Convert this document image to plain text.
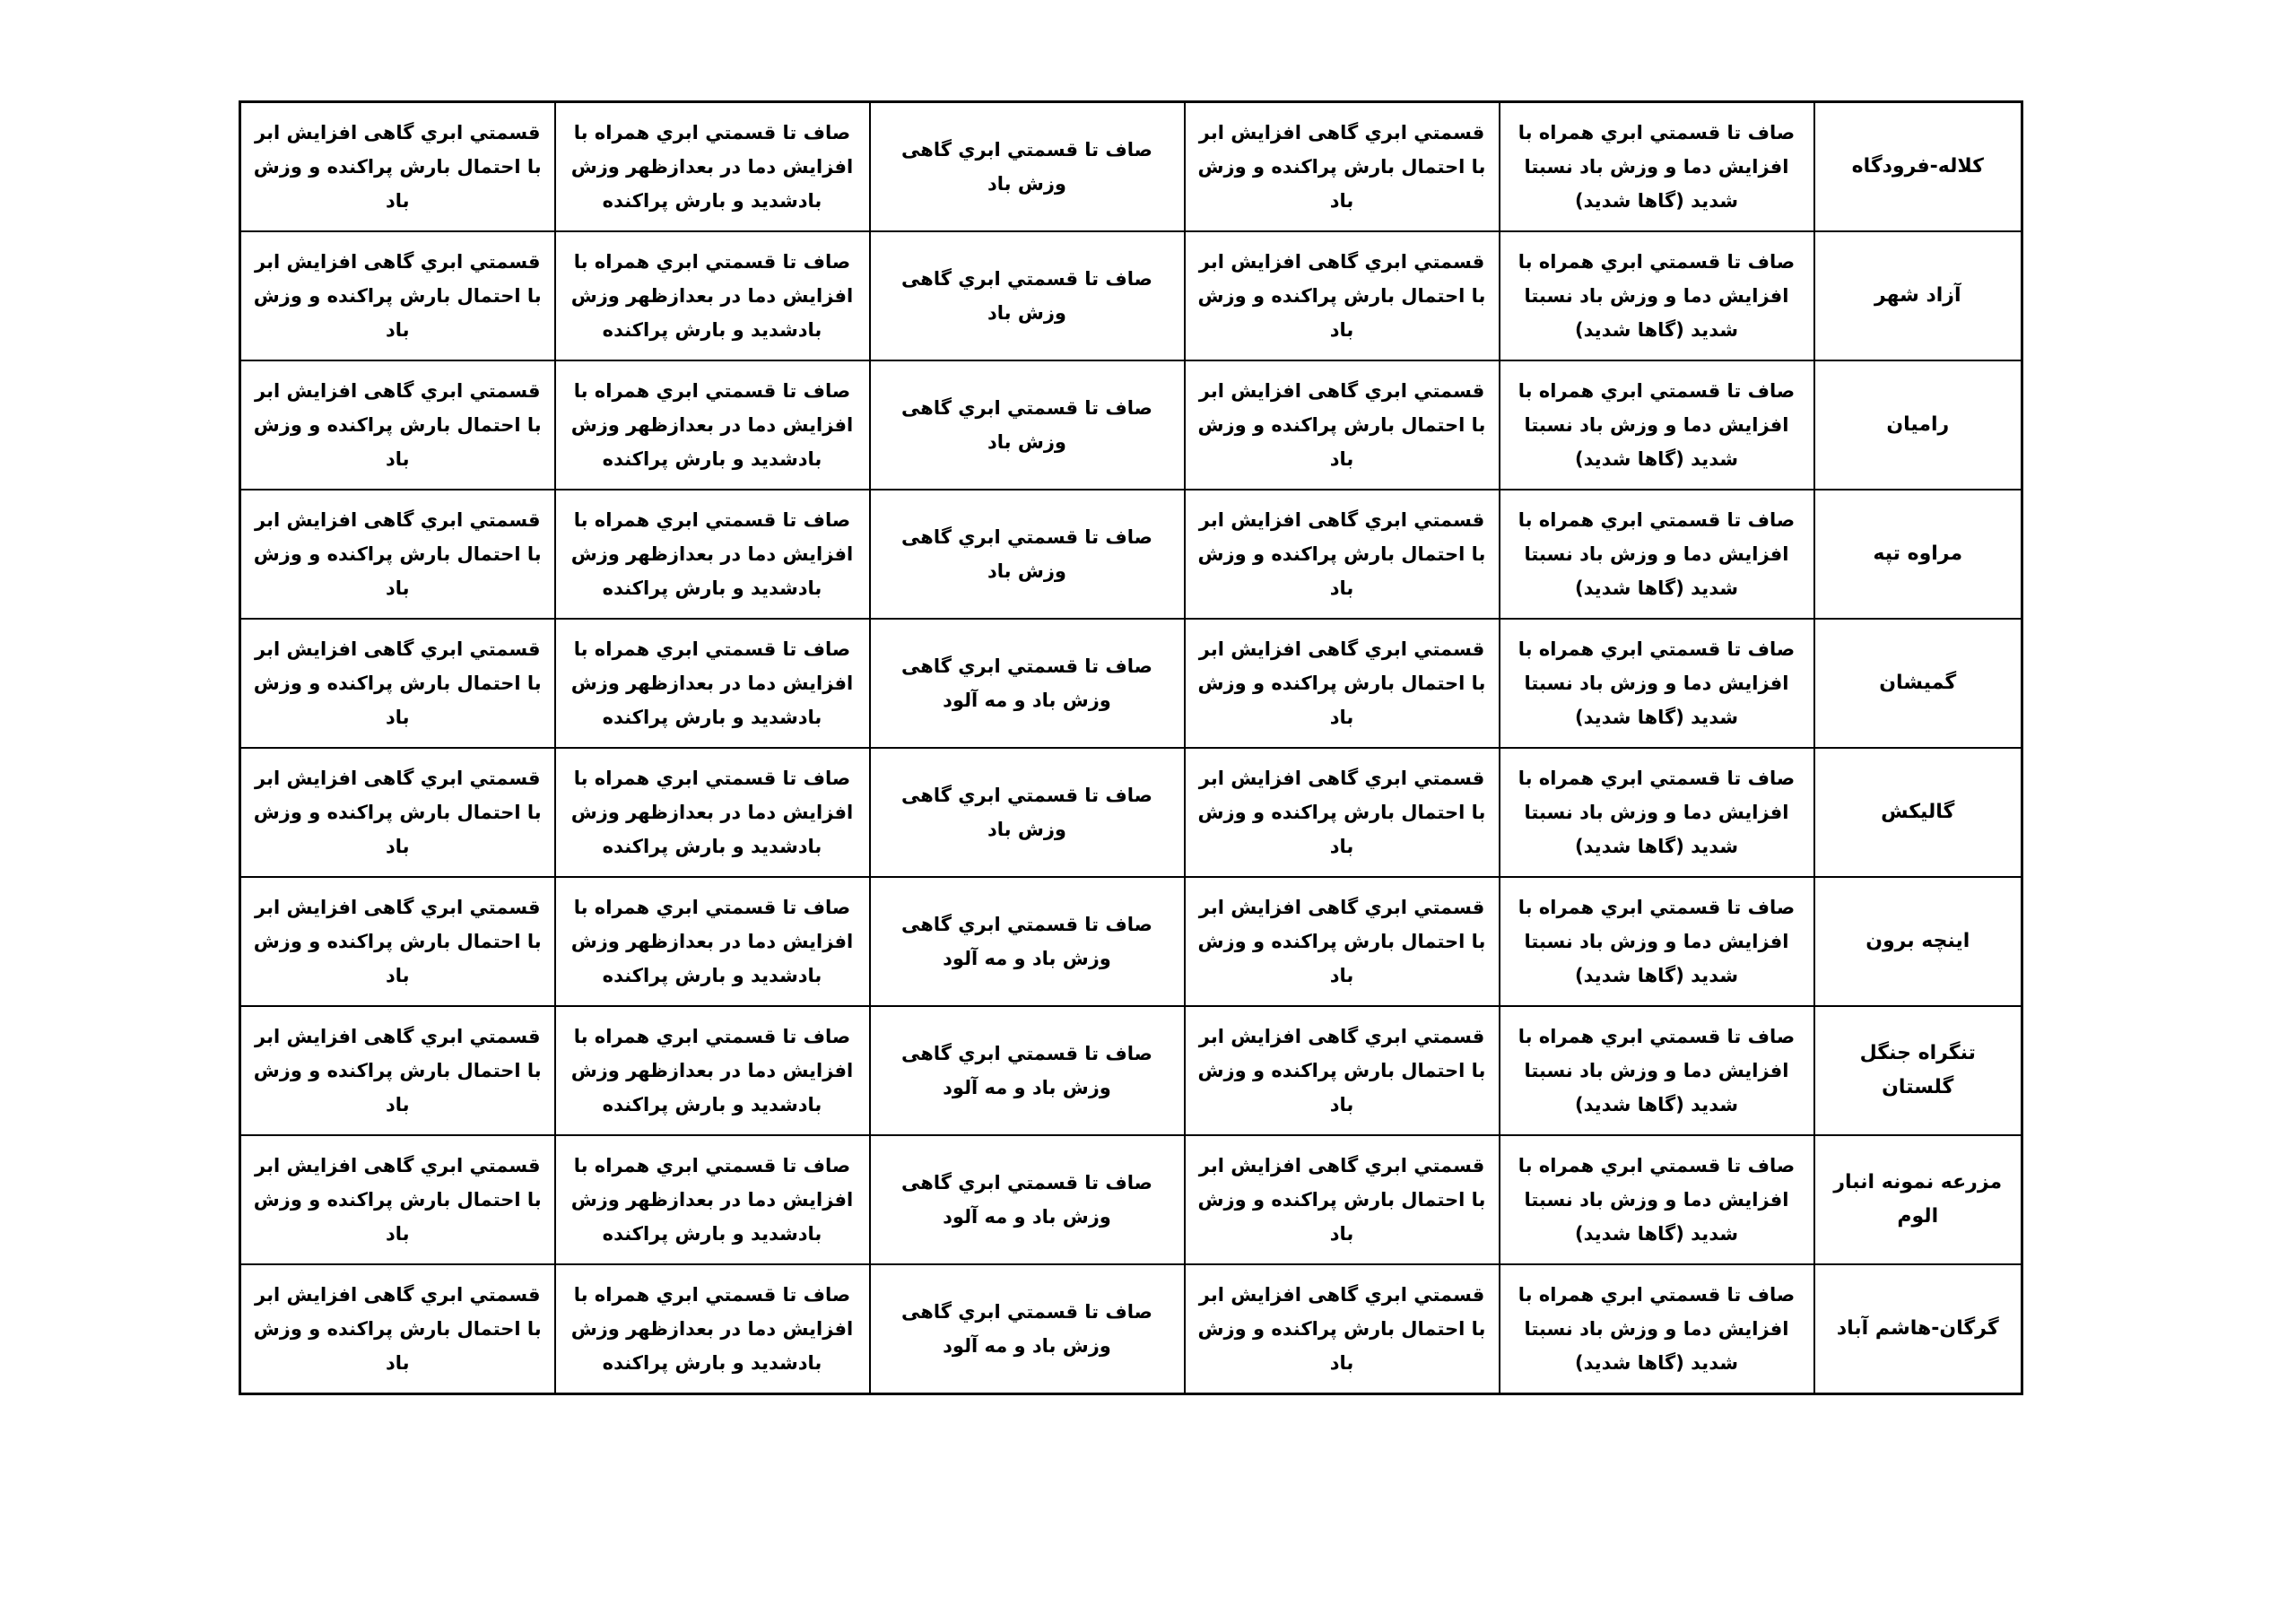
کلاله-فرودگاه	صاف تا قسمتي ابري همراه با افزایش دما و وزش باد نسبتا شدید (گاها شدید)	قسمتي ابري گاهی افزایش ابر با احتمال بارش پراکنده و وزش باد	صاف تا قسمتي ابري گاهی وزش باد	صاف تا قسمتي ابري همراه با افزایش دما در بعدازظهر وزش بادشدید و بارش پراکنده	قسمتي ابري گاهی افزایش ابر با احتمال بارش پراکنده و وزش باد
آزاد شهر	صاف تا قسمتي ابري همراه با افزایش دما و وزش باد نسبتا شدید (گاها شدید)	قسمتي ابري گاهی افزایش ابر با احتمال بارش پراکنده و وزش باد	صاف تا قسمتي ابري گاهی وزش باد	صاف تا قسمتي ابري همراه با افزایش دما در بعدازظهر وزش بادشدید و بارش پراکنده	قسمتي ابري گاهی افزایش ابر با احتمال بارش پراکنده و وزش باد
رامیان	صاف تا قسمتي ابري همراه با افزایش دما و وزش باد نسبتا شدید (گاها شدید)	قسمتي ابري گاهی افزایش ابر با احتمال بارش پراکنده و وزش باد	صاف تا قسمتي ابري گاهی وزش باد	صاف تا قسمتي ابري همراه با افزایش دما در بعدازظهر وزش بادشدید و بارش پراکنده	قسمتي ابري گاهی افزایش ابر با احتمال بارش پراکنده و وزش باد
مراوه تپه	صاف تا قسمتي ابري همراه با افزایش دما و وزش باد نسبتا شدید (گاها شدید)	قسمتي ابري گاهی افزایش ابر با احتمال بارش پراکنده و وزش باد	صاف تا قسمتي ابري گاهی وزش باد	صاف تا قسمتي ابري همراه با افزایش دما در بعدازظهر وزش بادشدید و بارش پراکنده	قسمتي ابري گاهی افزایش ابر با احتمال بارش پراکنده و وزش باد
گمیشان	صاف تا قسمتي ابري همراه با افزایش دما و وزش باد نسبتا شدید (گاها شدید)	قسمتي ابري گاهی افزایش ابر با احتمال بارش پراکنده و وزش باد	صاف تا قسمتي ابري گاهی وزش باد و مه آلود	صاف تا قسمتي ابري همراه با افزایش دما در بعدازظهر وزش بادشدید و بارش پراکنده	قسمتي ابري گاهی افزایش ابر با احتمال بارش پراکنده و وزش باد
گالیکش	صاف تا قسمتي ابري همراه با افزایش دما و وزش باد نسبتا شدید (گاها شدید)	قسمتي ابري گاهی افزایش ابر با احتمال بارش پراکنده و وزش باد	صاف تا قسمتي ابري گاهی وزش باد	صاف تا قسمتي ابري همراه با افزایش دما در بعدازظهر وزش بادشدید و بارش پراکنده	قسمتي ابري گاهی افزایش ابر با احتمال بارش پراکنده و وزش باد
اینچه برون	صاف تا قسمتي ابري همراه با افزایش دما و وزش باد نسبتا شدید (گاها شدید)	قسمتي ابري گاهی افزایش ابر با احتمال بارش پراکنده و وزش باد	صاف تا قسمتي ابري گاهی وزش باد و مه آلود	صاف تا قسمتي ابري همراه با افزایش دما در بعدازظهر وزش بادشدید و بارش پراکنده	قسمتي ابري گاهی افزایش ابر با احتمال بارش پراکنده و وزش باد
تنگراه جنگل گلستان	صاف تا قسمتي ابري همراه با افزایش دما و وزش باد نسبتا شدید (گاها شدید)	قسمتي ابري گاهی افزایش ابر با احتمال بارش پراکنده و وزش باد	صاف تا قسمتي ابري گاهی وزش باد و مه آلود	صاف تا قسمتي ابري همراه با افزایش دما در بعدازظهر وزش بادشدید و بارش پراکنده	قسمتي ابري گاهی افزایش ابر با احتمال بارش پراکنده و وزش باد
مزرعه نمونه انبار الوم	صاف تا قسمتي ابري همراه با افزایش دما و وزش باد نسبتا شدید (گاها شدید)	قسمتي ابري گاهی افزایش ابر با احتمال بارش پراکنده و وزش باد	صاف تا قسمتي ابري گاهی وزش باد و مه آلود	صاف تا قسمتي ابري همراه با افزایش دما در بعدازظهر وزش بادشدید و بارش پراکنده	قسمتي ابري گاهی افزایش ابر با احتمال بارش پراکنده و وزش باد
گرگان-هاشم آباد	صاف تا قسمتي ابري همراه با افزایش دما و وزش باد نسبتا شدید (گاها شدید)	قسمتي ابري گاهی افزایش ابر با احتمال بارش پراکنده و وزش باد	صاف تا قسمتي ابري گاهی وزش باد و مه آلود	صاف تا قسمتي ابري همراه با افزایش دما در بعدازظهر وزش بادشدید و بارش پراکنده	قسمتي ابري گاهی افزایش ابر با احتمال بارش پراکنده و وزش باد
